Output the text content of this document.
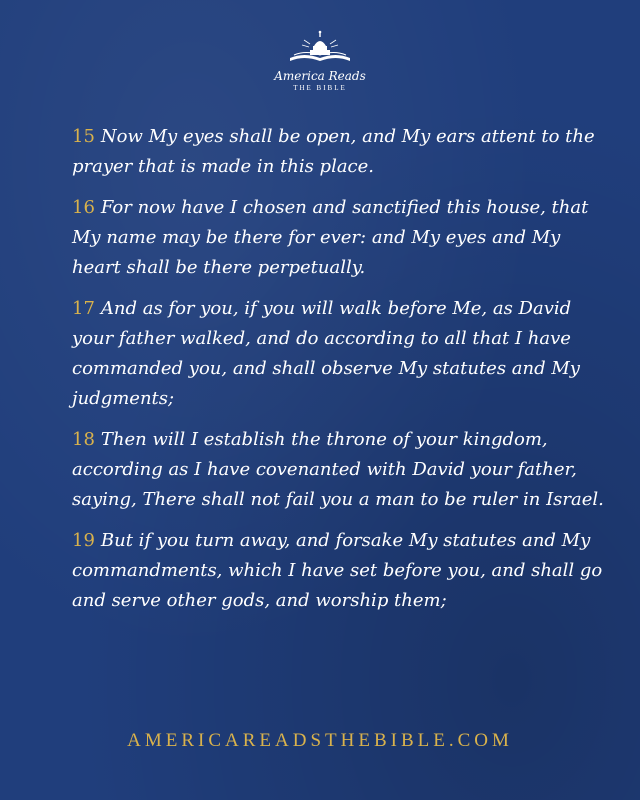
America Reads
THE BIBLE

15 Now My eyes shall be open, and My ears attent to the prayer that is made in this place.

16 For now have I chosen and sanctified this house, that My name may be there for ever: and My eyes and My heart shall be there perpetually.

17 And as for you, if you will walk before Me, as David your father walked, and do according to all that I have commanded you, and shall observe My statutes and My judgments;

18 Then will I establish the throne of your kingdom, according as I have covenanted with David your father, saying, There shall not fail you a man to be ruler in Israel.

19 But if you turn away, and forsake My statutes and My commandments, which I have set before you, and shall go and serve other gods, and worship them;

AMERICAREADSTHEBIBLE.COM
